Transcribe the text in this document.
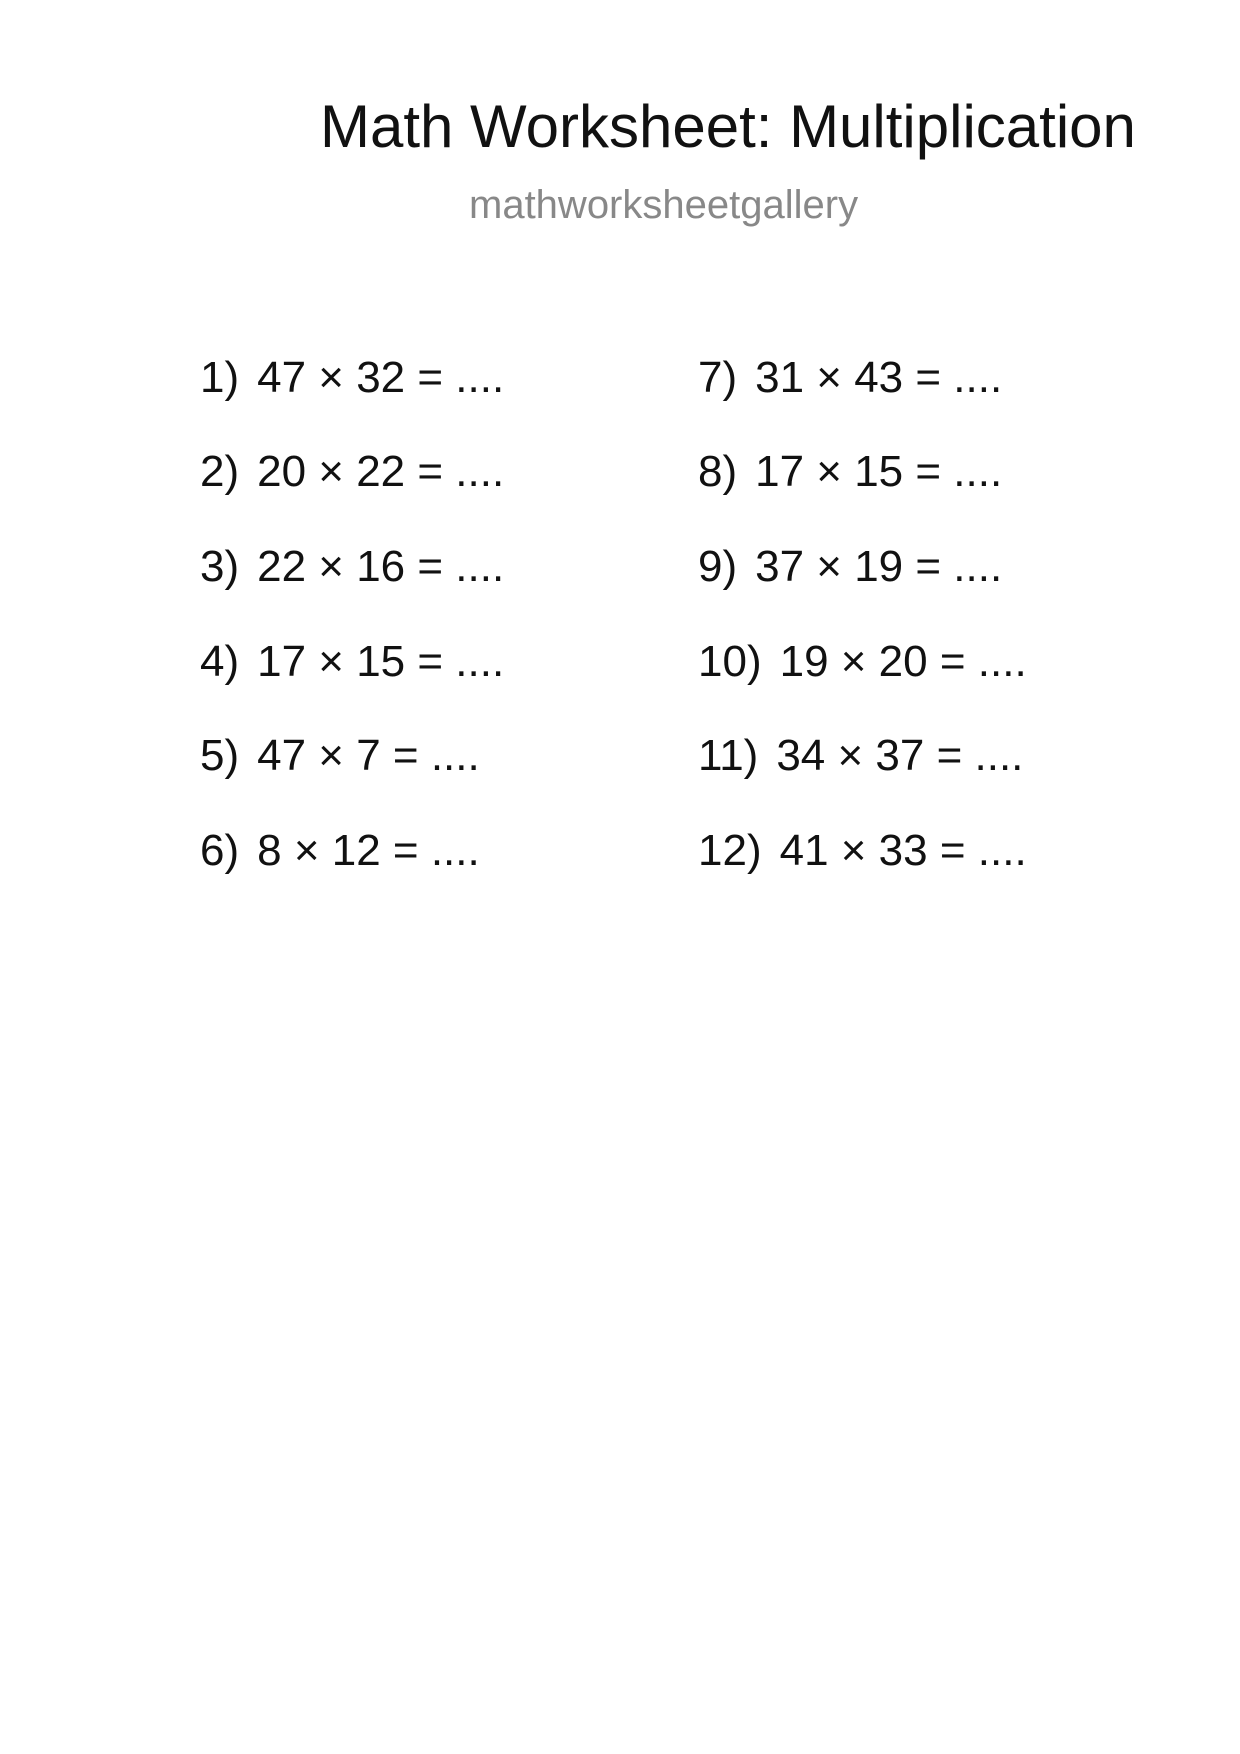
Math Worksheet: Multiplication
mathworksheetgallery
1) 47 × 32 = ....
2) 20 × 22 = ....
3) 22 × 16 = ....
4) 17 × 15 = ....
5) 47 × 7 = ....
6) 8 × 12 = ....
7) 31 × 43 = ....
8) 17 × 15 = ....
9) 37 × 19 = ....
10) 19 × 20 = ....
11) 34 × 37 = ....
12) 41 × 33 = ....
